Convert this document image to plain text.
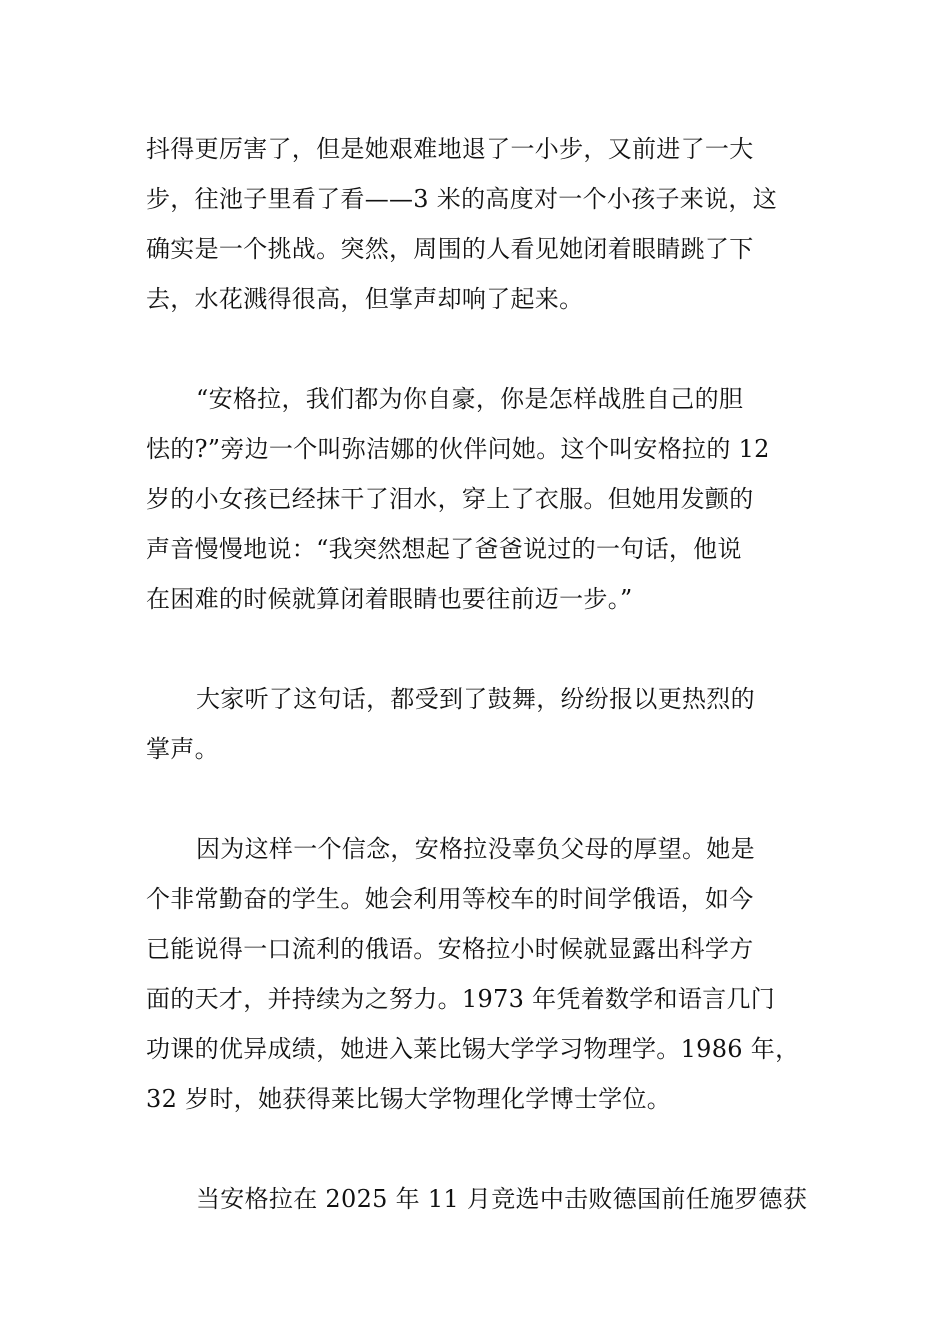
抖得更厉害了，但是她艰难地退了一小步，又前进了一大
步，往池子里看了看——3 米的高度对一个小孩子来说，这
确实是一个挑战。突然，周围的人看见她闭着眼睛跳了下
去，水花溅得很高，但掌声却响了起来。
“安格拉，我们都为你自豪，你是怎样战胜自己的胆
怯的?”旁边一个叫弥洁娜的伙伴问她。这个叫安格拉的 12
岁的小女孩已经抹干了泪水，穿上了衣服。但她用发颤的
声音慢慢地说：“我突然想起了爸爸说过的一句话，他说
在困难的时候就算闭着眼睛也要往前迈一步。”
大家听了这句话，都受到了鼓舞，纷纷报以更热烈的
掌声。
因为这样一个信念，安格拉没辜负父母的厚望。她是
个非常勤奋的学生。她会利用等校车的时间学俄语，如今
已能说得一口流利的俄语。安格拉小时候就显露出科学方
面的天才，并持续为之努力。1973 年凭着数学和语言几门
功课的优异成绩，她进入莱比锡大学学习物理学。1986 年，
32 岁时，她获得莱比锡大学物理化学博士学位。
当安格拉在 2025 年 11 月竞选中击败德国前任施罗德获
